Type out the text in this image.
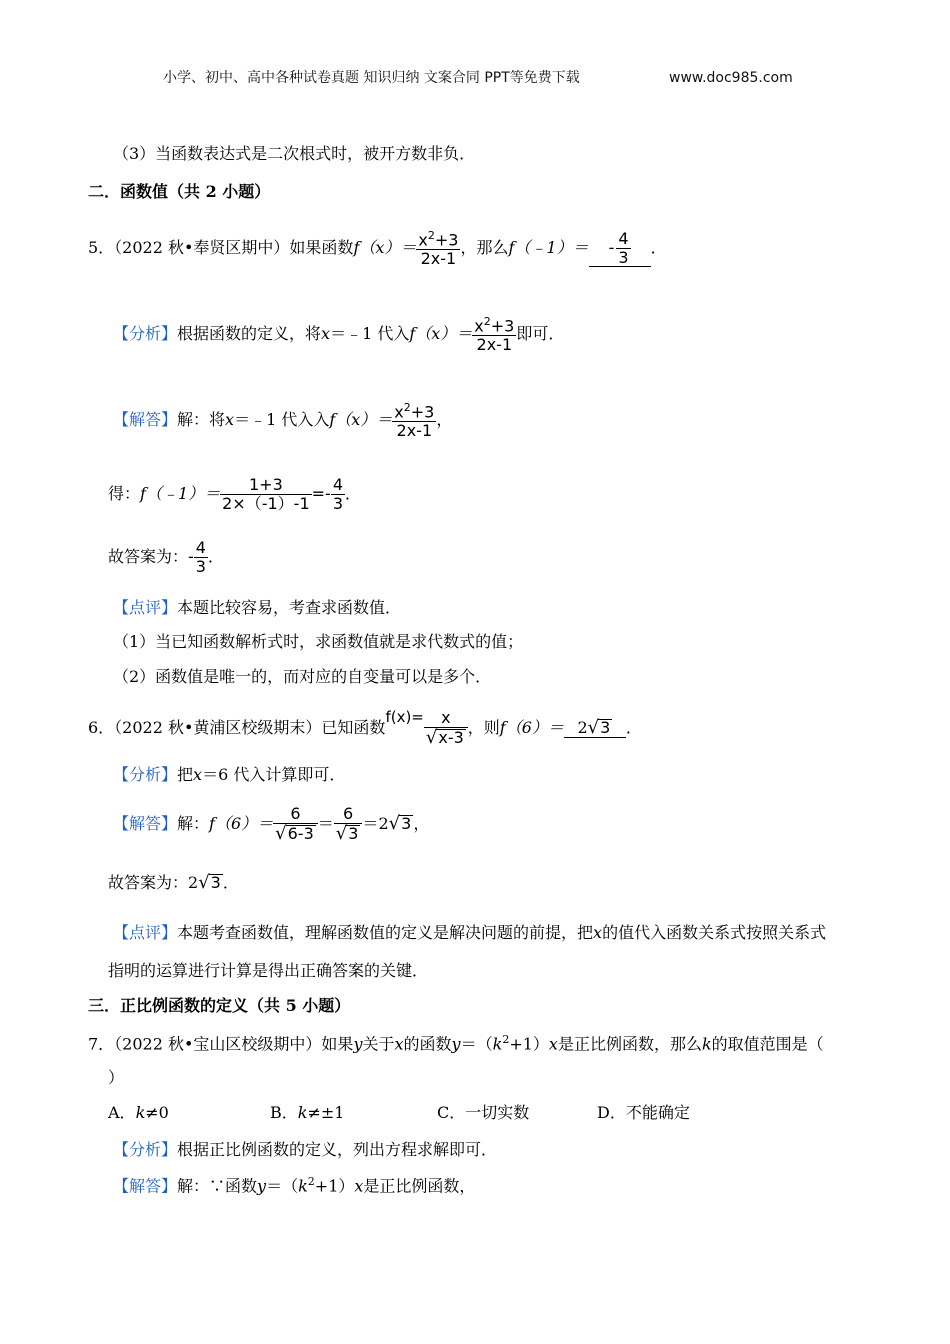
小学、初中、高中各种试卷真题 知识归纳 文案合同 PPT等免费下载	www.doc985.com
（3）当函数表达式是二次根式时，被开方数非负．
二．函数值（共 2 小题）
5．（2022 秋•奉贤区期中）如果函数$f(x)= \frac{x^2+3}{2x-1}$ ，那么f（﹣1）＝ - $\frac{4}{3}$ ．
【分析】根据函数的定义，将x＝﹣1 代入$f(x)= \frac{x^2+3}{2x-1}$ 即可．
【解答】解：将x＝﹣1 代入入$f(x)= \frac{x^2+3}{2x-1}$ ，
得：f（﹣1）＝ $\frac{1+3}{2\times(-1)-1} =- \frac{4}{3}$ ．
故答案为：- $\frac{4}{3}$ ．
【点评】本题比较容易，考查求函数值．
（1）当已知函数解析式时，求函数值就是求代数式的值；
（2）函数值是唯一的，而对应的自变量可以是多个．
6．（2022 秋•黄浦区校级期末）已知函数$f(x)= \frac{x}{√x-3}$ ，则f（6）＝ 2√3 ．
【分析】把x＝6 代入计算即可．
【解答】解：$f(6)= \frac{6}{√6-3} = \frac{6}{√3} =2√3$ ，
故答案为：2√3 ．
【点评】本题考查函数值，理解函数值的定义是解决问题的前提，把x的值代入函数关系式按照关系式
指明的运算进行计算是得出正确答案的关键．
三．正比例函数的定义（共 5 小题）
7．（2022 秋•宝山区校级期中）如果y关于x的函数$y=(k^2+1)x$是正比例函数，那么k的取值范围是（
）
A．k≠0	B．k≠±1	C．一切实数	D．不能确定
【分析】根据正比例函数的定义，列出方程求解即可．
【解答】解：∵函数$y=(k^2+1)x$是正比例函数，
